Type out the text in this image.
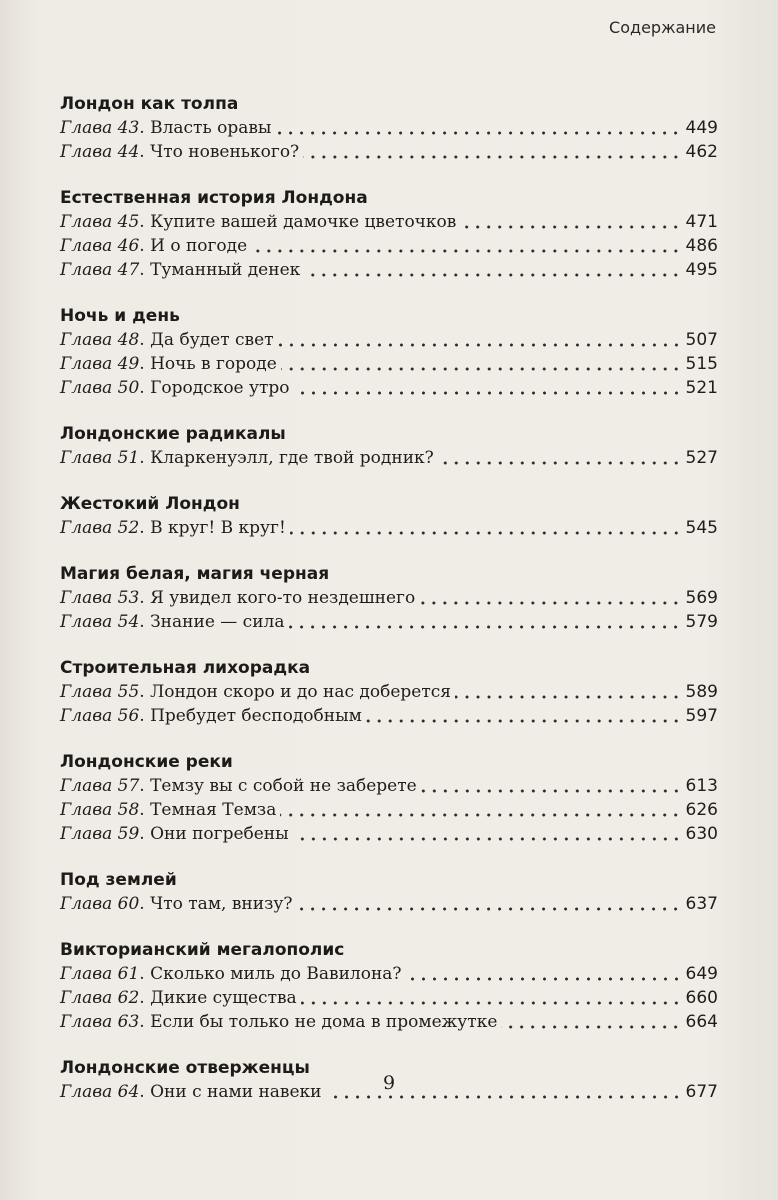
Содержание
Лондон как толпа
Глава 43 . Власть оравы	449
Глава 44 . Что новенького?	462
Естественная история Лондона
Глава 45 . Купите вашей дамочке цветочков	471
Глава 46 . И о погоде	486
Глава 47 . Туманный денек	495
Ночь и день
Глава 48 . Да будет свет	507
Глава 49 . Ночь в городе	515
Глава 50 . Городское утро	521
Лондонские радикалы
Глава 51 . Кларкенуэлл, где твой родник?	527
Жестокий Лондон
Глава 52 . В круг! В круг!	545
Магия белая, магия черная
Глава 53 . Я увидел кого-то нездешнего	569
Глава 54 . Знание — сила	579
Строительная лихорадка
Глава 55 . Лондон скоро и до нас доберется	589
Глава 56 . Пребудет бесподобным	597
Лондонские реки
Глава 57 . Темзу вы с собой не заберете	613
Глава 58 . Темная Темза	626
Глава 59 . Они погребены	630
Под землей
Глава 60 . Что там, внизу?	637
Викторианский мегалополис
Глава 61 . Сколько миль до Вавилона?	649
Глава 62 . Дикие существа	660
Глава 63 . Если бы только не дома в промежутке	664
Лондонские отверженцы
Глава 64 . Они с нами навеки	677
9
